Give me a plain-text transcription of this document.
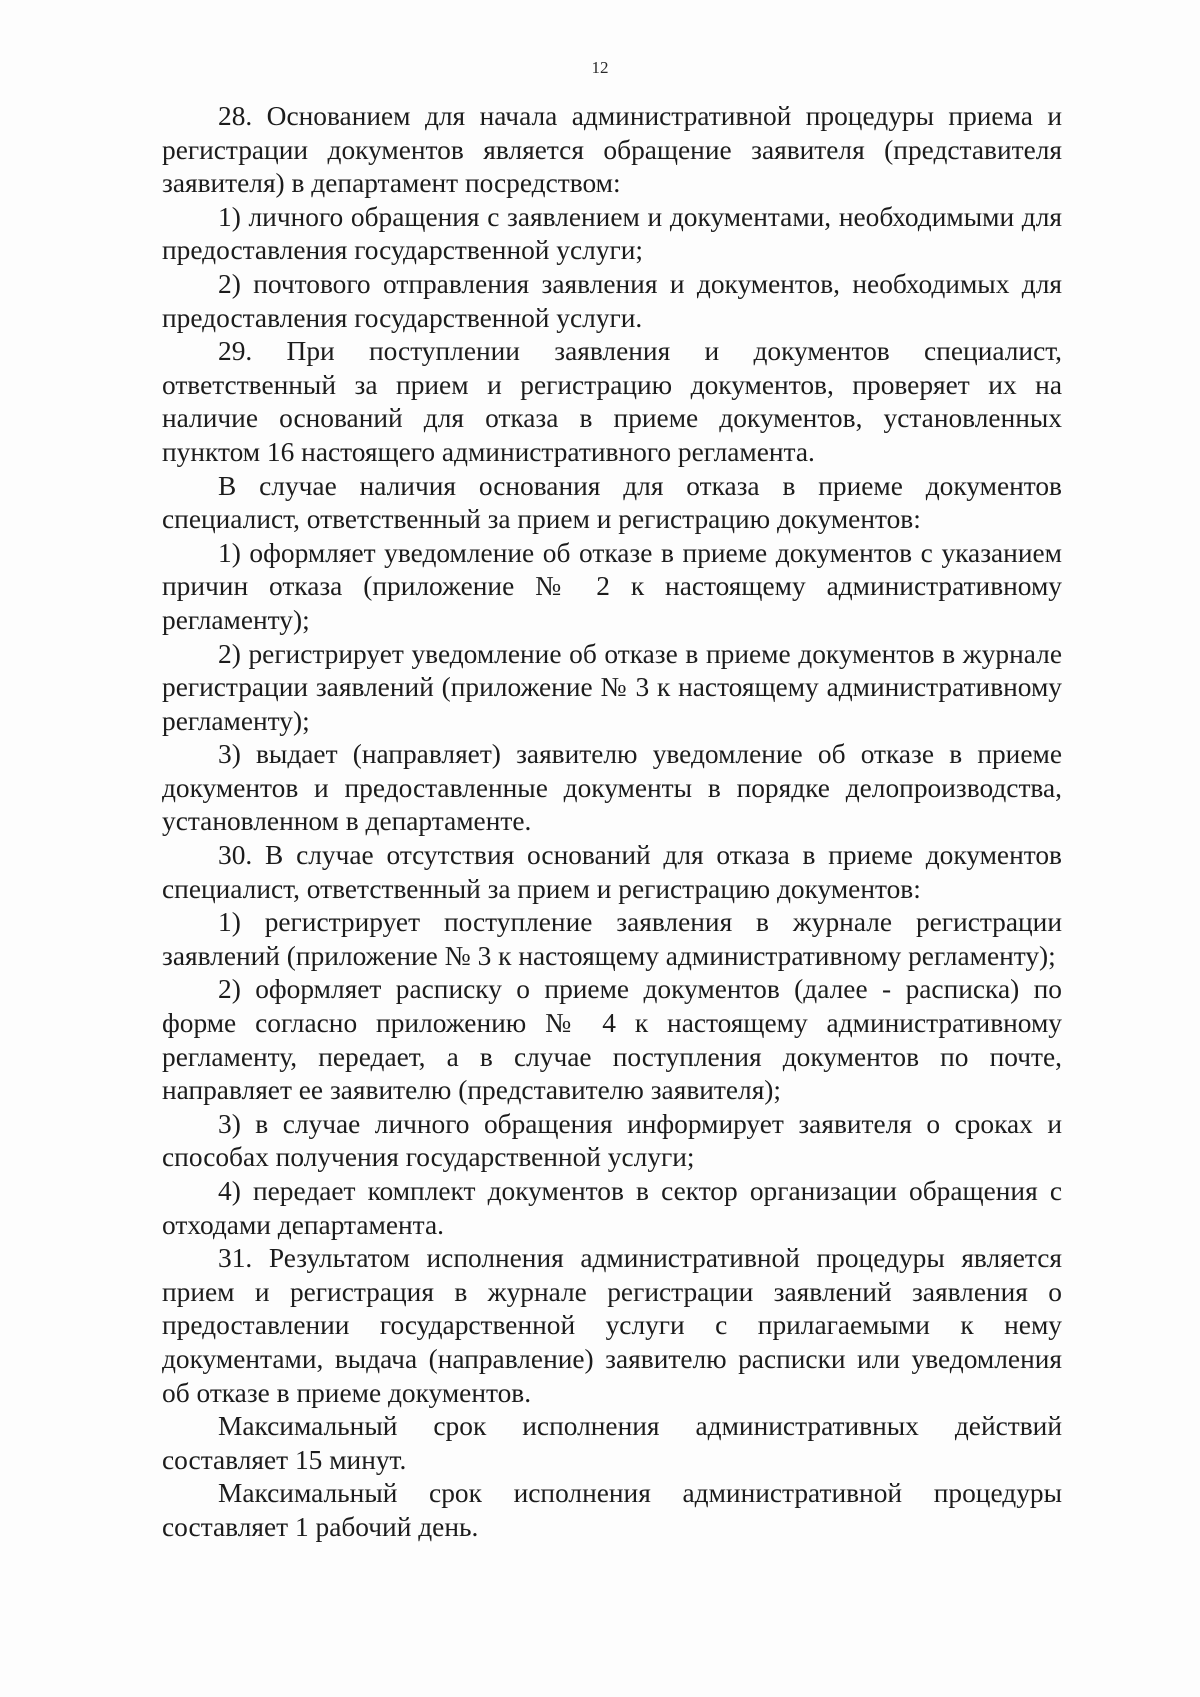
12

28. Основанием для начала административной процедуры приема и регистрации документов является обращение заявителя (представителя заявителя) в департамент посредством:

1) личного обращения с заявлением и документами, необходимыми для предоставления государственной услуги;

2) почтового отправления заявления и документов, необходимых для предоставления государственной услуги.

29. При поступлении заявления и документов специалист, ответственный за прием и регистрацию документов, проверяет их на наличие оснований для отказа в приеме документов, установленных пунктом 16 настоящего административного регламента.

В случае наличия основания для отказа в приеме документов специалист, ответственный за прием и регистрацию документов:

1) оформляет уведомление об отказе в приеме документов с указанием причин отказа (приложение № 2 к настоящему административному регламенту);

2) регистрирует уведомление об отказе в приеме документов в журнале регистрации заявлений (приложение № 3 к настоящему административному регламенту);

3) выдает (направляет) заявителю уведомление об отказе в приеме документов и предоставленные документы в порядке делопроизводства, установленном в департаменте.

30. В случае отсутствия оснований для отказа в приеме документов специалист, ответственный за прием и регистрацию документов:

1) регистрирует поступление заявления в журнале регистрации заявлений (приложение № 3 к настоящему административному регламенту);

2) оформляет расписку о приеме документов (далее - расписка) по форме согласно приложению № 4 к настоящему административному регламенту, передает, а в случае поступления документов по почте, направляет ее заявителю (представителю заявителя);

3) в случае личного обращения информирует заявителя о сроках и способах получения государственной услуги;

4) передает комплект документов в сектор организации обращения с отходами департамента.

31. Результатом исполнения административной процедуры является прием и регистрация в журнале регистрации заявлений заявления о предоставлении государственной услуги с прилагаемыми к нему документами, выдача (направление) заявителю расписки или уведомления об отказе в приеме документов.

Максимальный срок исполнения административных действий составляет 15 минут.

Максимальный срок исполнения административной процедуры составляет 1 рабочий день.
